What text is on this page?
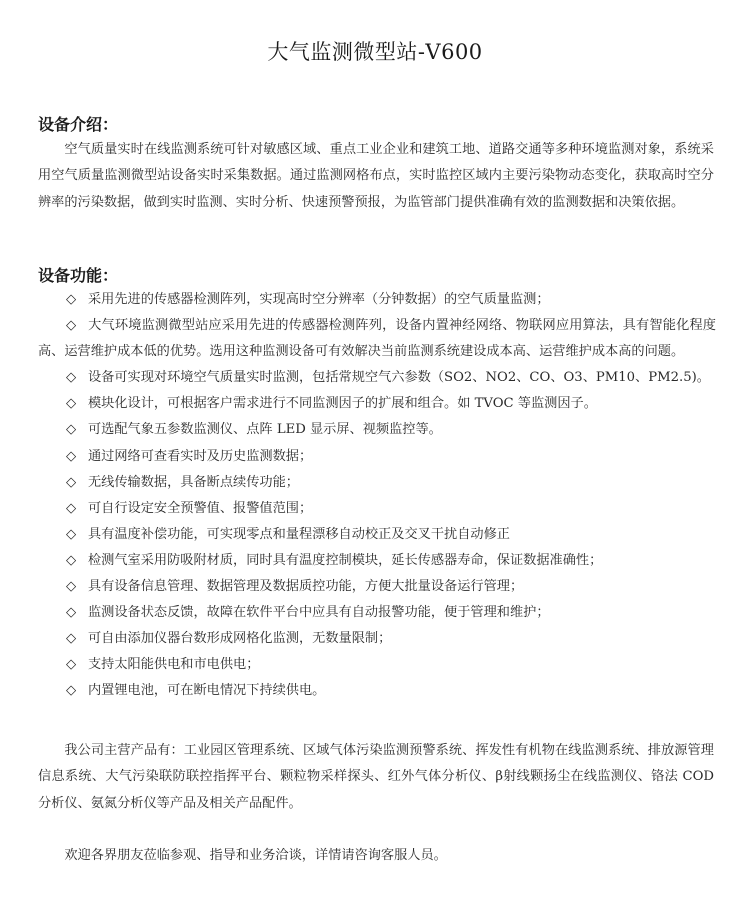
大气监测微型站-V600
设备介绍：
空气质量实时在线监测系统可针对敏感区域、重点工业企业和建筑工地、道路交通等多种环境监测对象，系统采用空气质量监测微型站设备实时采集数据。通过监测网格布点，实时监控区域内主要污染物动态变化，获取高时空分辨率的污染数据，做到实时监测、实时分析、快速预警预报，为监管部门提供准确有效的监测数据和决策依据。
设备功能：
◇ 采用先进的传感器检测阵列，实现高时空分辨率（分钟数据）的空气质量监测；
◇ 大气环境监测微型站应采用先进的传感器检测阵列，设备内置神经网络、物联网应用算法，具有智能化程度高、运营维护成本低的优势。选用这种监测设备可有效解决当前监测系统建设成本高、运营维护成本高的问题。
◇ 设备可实现对环境空气质量实时监测，包括常规空气六参数（SO2、NO2、CO、O3、PM10、PM2.5)。
◇ 模块化设计，可根据客户需求进行不同监测因子的扩展和组合。如 TVOC 等监测因子。
◇ 可选配气象五参数监测仪、点阵 LED 显示屏、视频监控等。
◇ 通过网络可查看实时及历史监测数据；
◇ 无线传输数据，具备断点续传功能；
◇ 可自行设定安全预警值、报警值范围；
◇ 具有温度补偿功能，可实现零点和量程漂移自动校正及交叉干扰自动修正
◇ 检测气室采用防吸附材质，同时具有温度控制模块，延长传感器寿命，保证数据准确性；
◇ 具有设备信息管理、数据管理及数据质控功能，方便大批量设备运行管理；
◇ 监测设备状态反馈，故障在软件平台中应具有自动报警功能，便于管理和维护；
◇ 可自由添加仪器台数形成网格化监测，无数量限制；
◇ 支持太阳能供电和市电供电；
◇ 内置锂电池，可在断电情况下持续供电。
我公司主营产品有：工业园区管理系统、区域气体污染监测预警系统、挥发性有机物在线监测系统、排放源管理信息系统、大气污染联防联控指挥平台、颗粒物采样探头、红外气体分析仪、β射线颗扬尘在线监测仪、铬法 COD 分析仪、氨氮分析仪等产品及相关产品配件。
欢迎各界朋友莅临参观、指导和业务洽谈，详情请咨询客服人员。
